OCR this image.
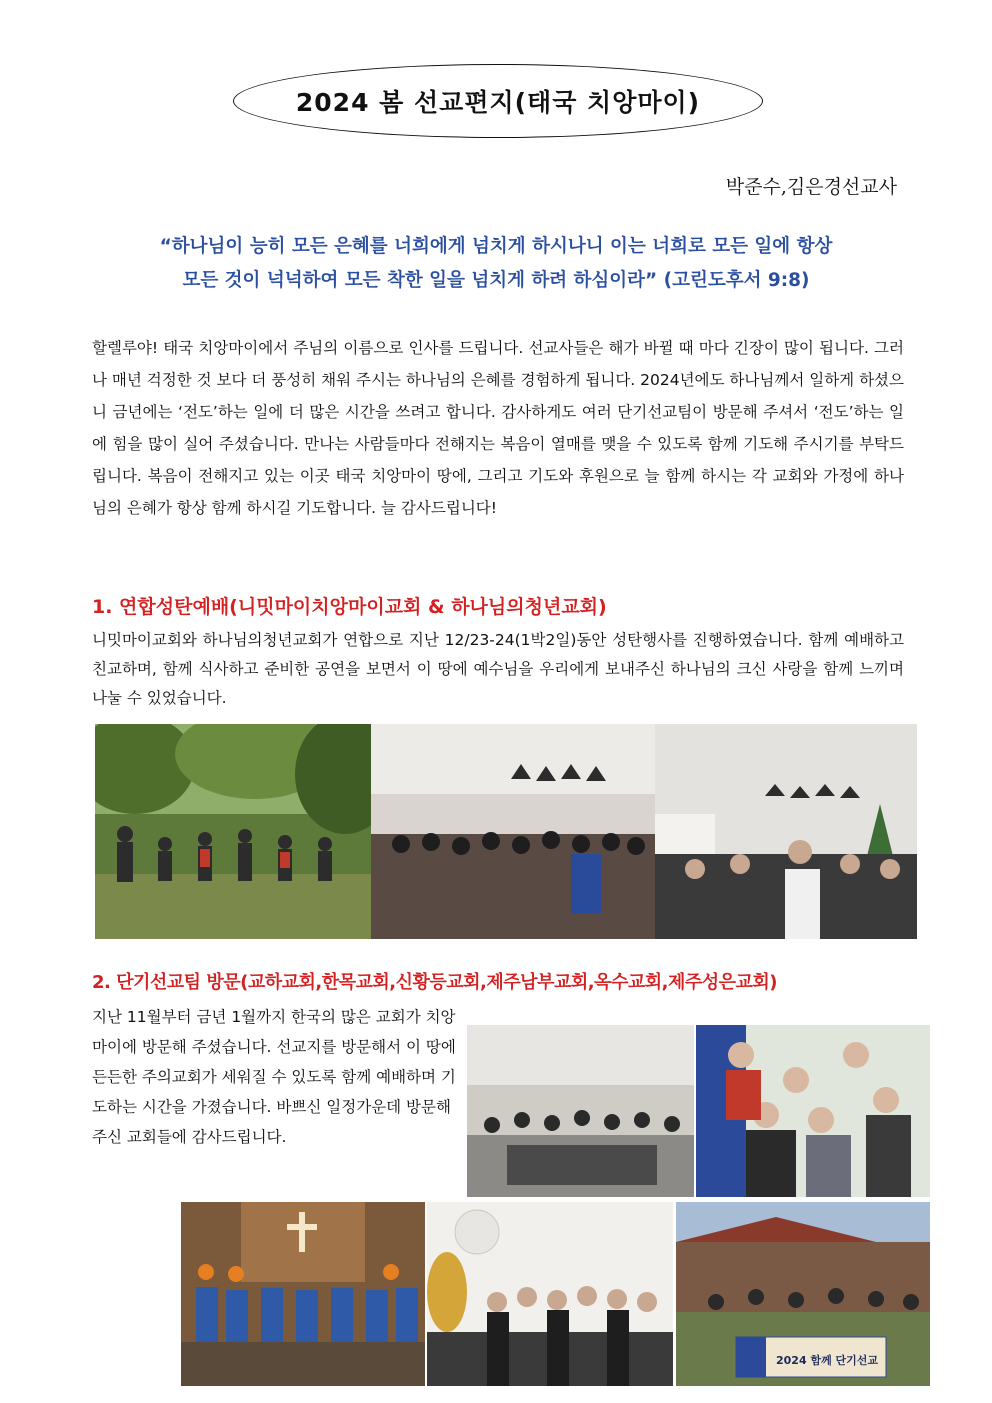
2024 봄 선교편지(태국 치앙마이)
박준수,김은경선교사
“하나님이 능히 모든 은혜를 너희에게 넘치게 하시나니 이는 너희로 모든 일에 항상
모든 것이 넉넉하여 모든 착한 일을 넘치게 하려 하심이라” (고린도후서 9:8)
할렐루야! 태국 치앙마이에서 주님의 이름으로 인사를 드립니다. 선교사들은 해가 바뀔 때 마다 긴장이 많이 됩니다. 그러나 매년 걱정한 것 보다 더 풍성히 채워 주시는 하나님의 은혜를 경험하게 됩니다. 2024년에도 하나님께서 일하게 하셨으니 금년에는 ‘전도’하는 일에 더 많은 시간을 쓰려고 합니다. 감사하게도 여러 단기선교팀이 방문해 주셔서 ‘전도’하는 일에 힘을 많이 실어 주셨습니다. 만나는 사람들마다 전해지는 복음이 열매를 맺을 수 있도록 함께 기도해 주시기를 부탁드립니다. 복음이 전해지고 있는 이곳 태국 치앙마이 땅에, 그리고 기도와 후원으로 늘 함께 하시는 각 교회와 가정에 하나님의 은혜가 항상 함께 하시길 기도합니다. 늘 감사드립니다!
1. 연합성탄예배(니밋마이치앙마이교회 & 하나님의청년교회)
니밋마이교회와 하나님의청년교회가 연합으로 지난 12/23-24(1박2일)동안 성탄행사를 진행하였습니다. 함께 예배하고 친교하며, 함께 식사하고 준비한 공연을 보면서 이 땅에 예수님을 우리에게 보내주신 하나님의 크신 사랑을 함께 느끼며 나눌 수 있었습니다.
2. 단기선교팀 방문(교하교회,한목교회,신황등교회,제주남부교회,옥수교회,제주성은교회)
지난 11월부터 금년 1월까지 한국의 많은 교회가 치앙마이에 방문해 주셨습니다. 선교지를 방문해서 이 땅에 든든한 주의교회가 세워질 수 있도록 함께 예배하며 기도하는 시간을 가졌습니다. 바쁘신 일정가운데 방문해주신 교회들에 감사드립니다.
2024 함께 단기선교
